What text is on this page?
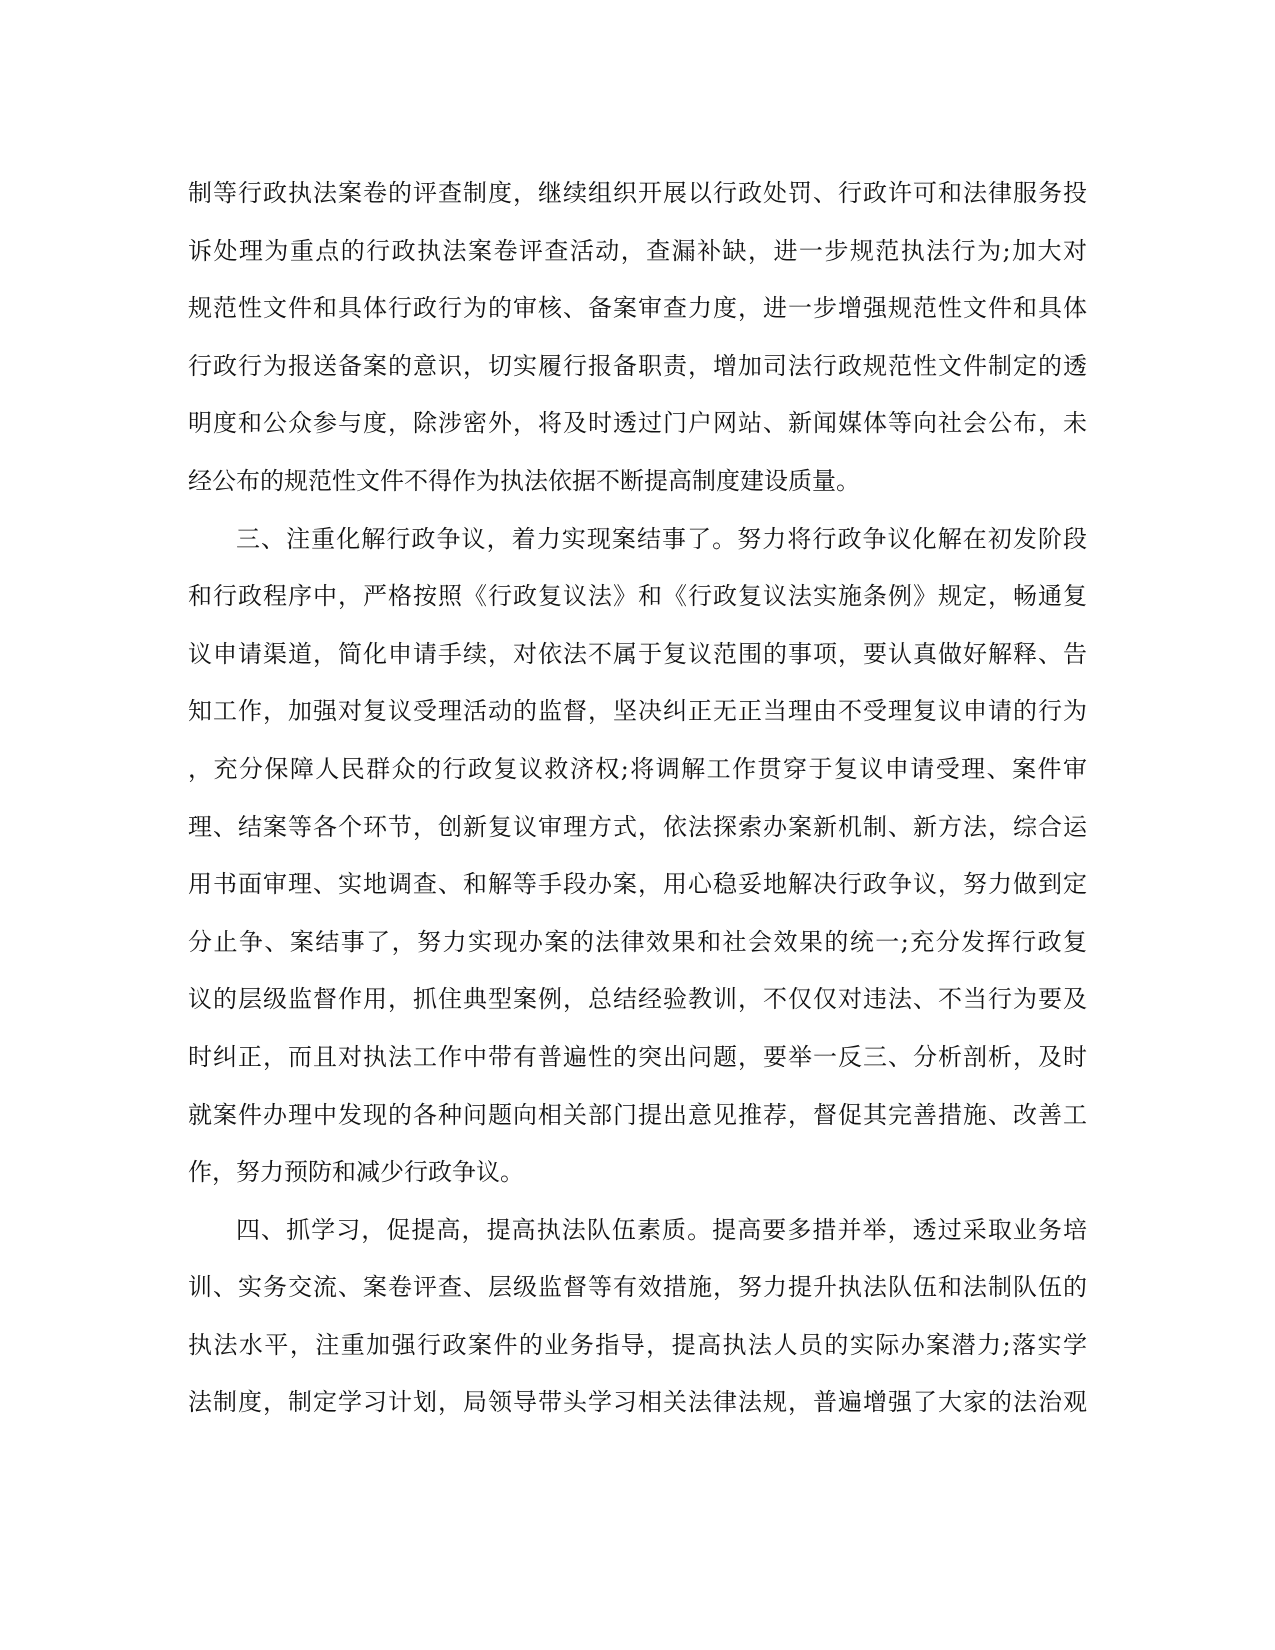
制等行政执法案卷的评查制度，继续组织开展以行政处罚、行政许可和法律服务投
诉处理为重点的行政执法案卷评查活动，查漏补缺，进一步规范执法行为;加大对
规范性文件和具体行政行为的审核、备案审查力度，进一步增强规范性文件和具体
行政行为报送备案的意识，切实履行报备职责，增加司法行政规范性文件制定的透
明度和公众参与度，除涉密外，将及时透过门户网站、新闻媒体等向社会公布，未
经公布的规范性文件不得作为执法依据不断提高制度建设质量。
三、注重化解行政争议，着力实现案结事了。努力将行政争议化解在初发阶段
和行政程序中，严格按照《行政复议法》和《行政复议法实施条例》规定，畅通复
议申请渠道，简化申请手续，对依法不属于复议范围的事项，要认真做好解释、告
知工作，加强对复议受理活动的监督，坚决纠正无正当理由不受理复议申请的行为
，充分保障人民群众的行政复议救济权;将调解工作贯穿于复议申请受理、案件审
理、结案等各个环节，创新复议审理方式，依法探索办案新机制、新方法，综合运
用书面审理、实地调查、和解等手段办案，用心稳妥地解决行政争议，努力做到定
分止争、案结事了，努力实现办案的法律效果和社会效果的统一;充分发挥行政复
议的层级监督作用，抓住典型案例，总结经验教训，不仅仅对违法、不当行为要及
时纠正，而且对执法工作中带有普遍性的突出问题，要举一反三、分析剖析，及时
就案件办理中发现的各种问题向相关部门提出意见推荐，督促其完善措施、改善工
作，努力预防和减少行政争议。
四、抓学习，促提高，提高执法队伍素质。提高要多措并举，透过采取业务培
训、实务交流、案卷评查、层级监督等有效措施，努力提升执法队伍和法制队伍的
执法水平，注重加强行政案件的业务指导，提高执法人员的实际办案潜力;落实学
法制度，制定学习计划，局领导带头学习相关法律法规，普遍增强了大家的法治观
